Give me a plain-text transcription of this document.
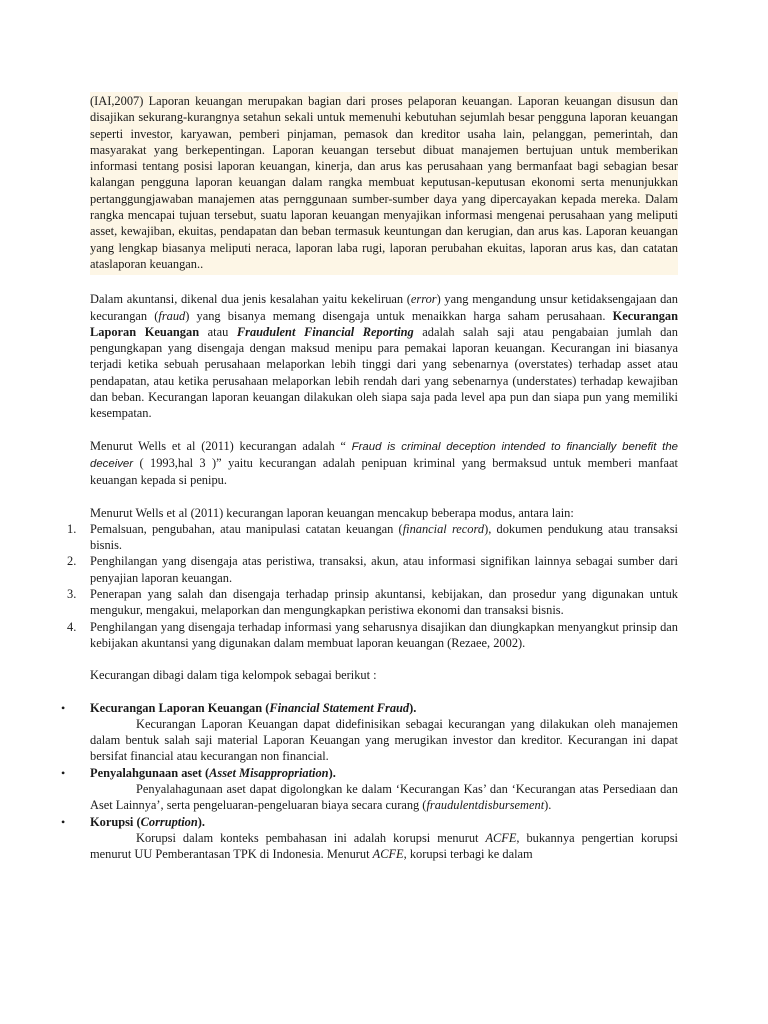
(IAI,2007) Laporan keuangan merupakan bagian dari proses pelaporan keuangan. Laporan keuangan disusun dan disajikan sekurang-kurangnya setahun sekali untuk memenuhi kebutuhan sejumlah besar pengguna laporan keuangan seperti investor, karyawan, pemberi pinjaman, pemasok dan kreditor usaha lain, pelanggan, pemerintah, dan masyarakat yang berkepentingan. Laporan keuangan tersebut dibuat manajemen bertujuan untuk memberikan informasi tentang posisi laporan keuangan, kinerja, dan arus kas perusahaan yang bermanfaat bagi sebagian besar kalangan pengguna laporan keuangan dalam rangka membuat keputusan-keputusan ekonomi serta menunjukkan pertanggungjawaban manajemen atas pernggunaan sumber-sumber daya yang dipercayakan kepada mereka. Dalam rangka mencapai tujuan tersebut, suatu laporan keuangan menyajikan informasi mengenai perusahaan yang meliputi asset, kewajiban, ekuitas, pendapatan dan beban termasuk keuntungan dan kerugian, dan arus kas. Laporan keuangan yang lengkap biasanya meliputi neraca, laporan laba rugi, laporan perubahan ekuitas, laporan arus kas, dan catatan ataslaporan keuangan..

Dalam akuntansi, dikenal dua jenis kesalahan yaitu kekeliruan (error) yang mengandung unsur ketidaksengajaan dan kecurangan (fraud) yang bisanya memang disengaja untuk menaikkan harga saham perusahaan. Kecurangan Laporan Keuangan atau Fraudulent Financial Reporting adalah salah saji atau pengabaian jumlah dan pengungkapan yang disengaja dengan maksud menipu para pemakai laporan keuangan. Kecurangan ini biasanya terjadi ketika sebuah perusahaan melaporkan lebih tinggi dari yang sebenarnya (overstates) terhadap asset atau pendapatan, atau ketika perusahaan melaporkan lebih rendah dari yang sebenarnya (understates) terhadap kewajiban dan beban. Kecurangan laporan keuangan dilakukan oleh siapa saja pada level apa pun dan siapa pun yang memiliki kesempatan.

Menurut Wells et al (2011) kecurangan adalah “ Fraud is criminal deception intended to financially benefit the deceiver ( 1993,hal 3 )” yaitu kecurangan adalah penipuan kriminal yang bermaksud untuk memberi manfaat keuangan kepada si penipu.

Menurut Wells et al (2011) kecurangan laporan keuangan mencakup beberapa modus, antara lain:

1. Pemalsuan, pengubahan, atau manipulasi catatan keuangan (financial record), dokumen pendukung atau transaksi bisnis.
2. Penghilangan yang disengaja atas peristiwa, transaksi, akun, atau informasi signifikan lainnya sebagai sumber dari penyajian laporan keuangan.
3. Penerapan yang salah dan disengaja terhadap prinsip akuntansi, kebijakan, dan prosedur yang digunakan untuk mengukur, mengakui, melaporkan dan mengungkapkan peristiwa ekonomi dan transaksi bisnis.
4. Penghilangan yang disengaja terhadap informasi yang seharusnya disajikan dan diungkapkan menyangkut prinsip dan kebijakan akuntansi yang digunakan dalam membuat laporan keuangan (Rezaee, 2002).

Kecurangan dibagi dalam tiga kelompok sebagai berikut :

• Kecurangan Laporan Keuangan (Financial Statement Fraud).

Kecurangan Laporan Keuangan dapat didefinisikan sebagai kecurangan yang dilakukan oleh manajemen dalam bentuk salah saji material Laporan Keuangan yang merugikan investor dan kreditor. Kecurangan ini dapat bersifat financial atau kecurangan non financial.

• Penyalahgunaan aset (Asset Misappropriation).

Penyalahagunaan aset dapat digolongkan ke dalam ‘Kecurangan Kas’ dan ‘Kecurangan atas Persediaan dan Aset Lainnya’, serta pengeluaran-pengeluaran biaya secara curang (fraudulentdisbursement).

• Korupsi (Corruption).

Korupsi dalam konteks pembahasan ini adalah korupsi menurut ACFE, bukannya pengertian korupsi menurut UU Pemberantasan TPK di Indonesia. Menurut ACFE, korupsi terbagi ke dalam
